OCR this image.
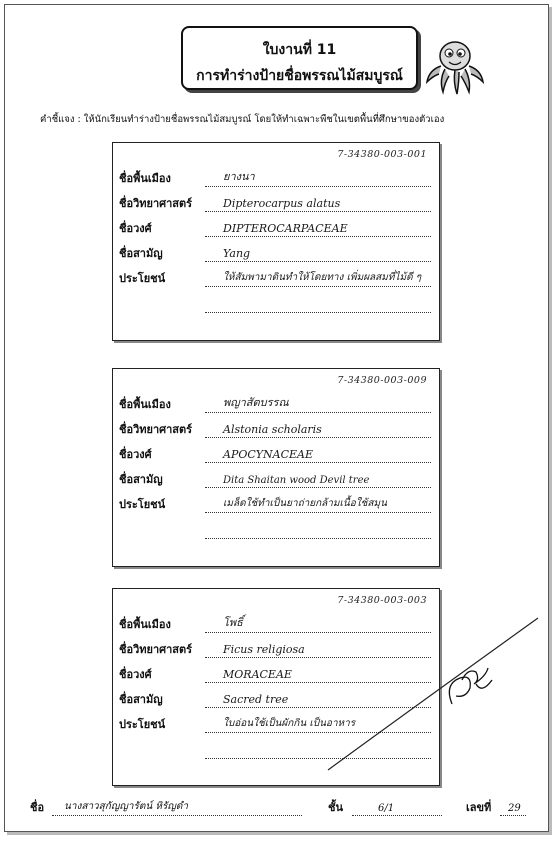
ใบงานที่ 11
การทำร่างป้ายชื่อพรรณไม้สมบูรณ์
คำชี้แจง : ให้นักเรียนทำร่างป้ายชื่อพรรณไม้สมบูรณ์ โดยให้ทำเฉพาะพืชในเขตพื้นที่ศึกษาของตัวเอง
7-34380-003-001
ชื่อพื้นเมือง	ยางนา
ชื่อวิทยาศาสตร์	Dipterocarpus alatus
ชื่อวงศ์	DIPTEROCARPACEAE
ชื่อสามัญ	Yang
ประโยชน์	ให้สัมพามาดินทำให้โดยทาง เพิ่มผลสมที่ไม้ดี ๆ
7-34380-003-009
ชื่อพื้นเมือง	พญาสัตบรรณ
ชื่อวิทยาศาสตร์	Alstonia scholaris
ชื่อวงศ์	APOCYNACEAE
ชื่อสามัญ	Dita Shaitan wood Devil tree
ประโยชน์	เมล็ดใช้ทำเป็นยาถ่ายกล้ามเนื้อใช้สมุน
7-34380-003-003
ชื่อพื้นเมือง	โพธิ์
ชื่อวิทยาศาสตร์	Ficus religiosa
ชื่อวงศ์	MORACEAE
ชื่อสามัญ	Sacred tree
ประโยชน์	ใบอ่อนใช้เป็นผักกิน เป็นอาหาร
ชื่อ นางสาวสุกัญญารัตน์ หิรัญดำ	ชั้น	6/1	เลขที่ 29
